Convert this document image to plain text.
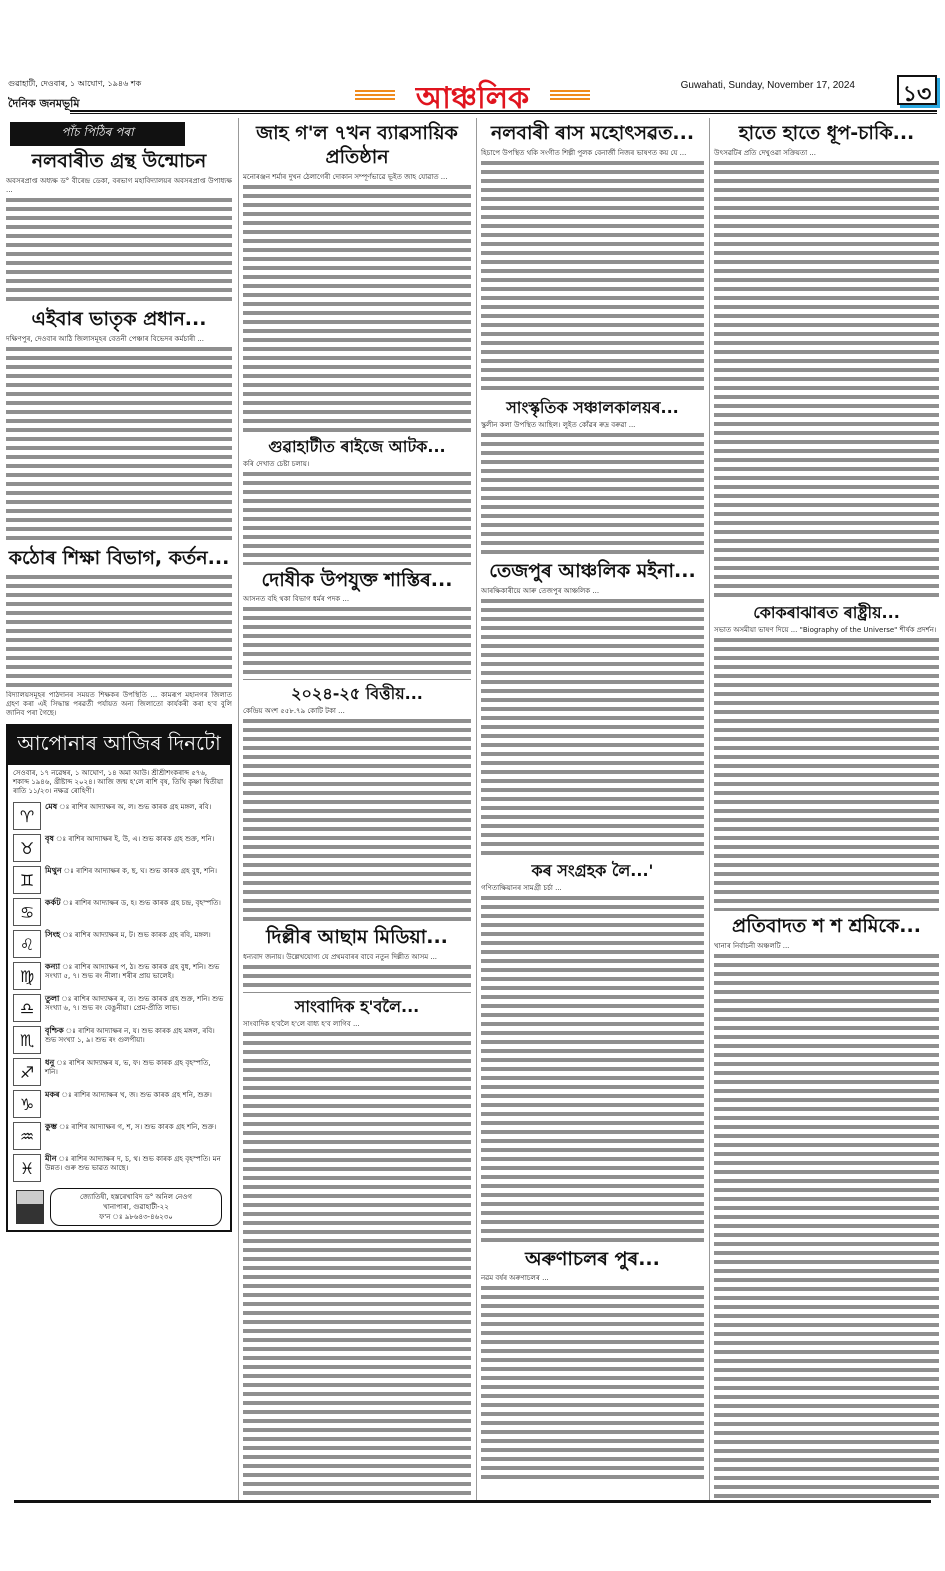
গুৱাহাটী, দেওবাৰ, ১ আঘোণ, ১৯৪৬ শক
দৈনিক জনমভূমি	আঞ্চলিক	Guwahati, Sunday, November 17, 2024 ১৩
পাঁচ পিঠিৰ পৰা
নলবাৰীত গ্ৰন্থ উন্মোচন
অবসৰপ্ৰাপ্ত অধ্যক্ষ ড° বীৰেন্দ্ৰ ডেকা, বৰভাগ মহাবিদ্যালয়ৰ অবসৰপ্ৰাপ্ত উপাধ্যক্ষ ...
এইবাৰ ভাতৃক প্ৰধান...
দক্ষিণপুৰ, দেওবাৰ আঠি জিলাসমূহৰ বেতনী পেঞ্চাৰ বিভেদৰ কৰ্মচাৰী ...
কঠোৰ শিক্ষা বিভাগ, কৰ্তন...
বিদ্যালয়সমূহৰ পাঠদানৰ সময়ত শিক্ষকৰ উপস্থিতি ... কামৰূপ মহানগৰ জিলাত গ্ৰহণ কৰা এই সিদ্ধান্ত পৰৱৰ্তী পৰ্যায়ত অন্য জিলাতো কাৰ্যকৰী কৰা হ'ব বুলি জানিব পৰা গৈছে।
আপোনাৰ আজিৰ দিনটো
সেওবাৰ, ১৭ নৱেম্বৰ, ১ আঘোণ, ১৪ অমা আউ। শ্ৰীশ্ৰীশংকৰাব্দ ৫৭৬, শকাব্দ ১৯৪৬, খ্ৰীষ্টাব্দ ২০২৪। আজি জন্ম হ'লে ৰাশি বৃষ, তিথি কৃষ্ণা দ্বিতীয়া ৰাতি ১১/২৩। নক্ষত্ৰ ৰোহিণী।
♈	মেষ ঃ ৰাশিৰ আদ্যাক্ষৰ অ, ল। শুভ কাৰক গ্ৰহ মঙ্গল, ৰবি।
♉	বৃষ ঃ ৰাশিৰ আদ্যাক্ষৰ ই, উ, এ। শুভ কাৰক গ্ৰহ শুক্ৰ, শনি।
♊	মিথুন ঃ ৰাশিৰ আদ্যাক্ষৰ ক, ছ, ঘ। শুভ কাৰক গ্ৰহ বুধ, শনি।
♋	কৰ্কট ঃ ৰাশিৰ আদ্যাক্ষৰ ড, হ। শুভ কাৰক গ্ৰহ চন্দ্ৰ, বৃহস্পতি।
♌	সিংহ ঃ ৰাশিৰ আদ্যাক্ষৰ ম, ট। শুভ কাৰক গ্ৰহ ৰবি, মঙ্গল।
♍	কন্যা ঃ ৰাশিৰ আদ্যাক্ষৰ প, ঠ। শুভ কাৰক গ্ৰহ বুধ, শনি। শুভ সংখ্যা ৫, ৭। শুভ ৰং নীলা। শৰীৰ প্ৰায় ভালেই।
♎	তুলা ঃ ৰাশিৰ আদ্যাক্ষৰ ৰ, ত। শুভ কাৰক গ্ৰহ শুক্ৰ, শনি। শুভ সংখ্যা ৬, ৭। শুভ ৰং বেঙুনীয়া। প্ৰেম-প্ৰীতি লাভ।
♏	বৃশ্চিক ঃ ৰাশিৰ আদ্যাক্ষৰ ন, য। শুভ কাৰক গ্ৰহ মঙ্গল, ৰবি। শুভ সংখ্যা ১, ৯। শুভ ৰং গুলপীয়া।
♐	ধনু ঃ ৰাশিৰ আদ্যাক্ষৰ য, ভ, ফ। শুভ কাৰক গ্ৰহ বৃহস্পতি, শনি।
♑	মকৰ ঃ ৰাশিৰ আদ্যাক্ষৰ খ, জ। শুভ কাৰক গ্ৰহ শনি, শুক্ৰ।
♒	কুম্ভ ঃ ৰাশিৰ আদ্যাক্ষৰ গ, শ, স। শুভ কাৰক গ্ৰহ শনি, শুক্ৰ।
♓	মীন ঃ ৰাশিৰ আদ্যাক্ষৰ দ, চ, থ। শুভ কাৰক গ্ৰহ বৃহস্পতি। মন উন্নত। গুৰু শুভ ভাৱত আছে।
জ্যোতিষী, হস্তৰেখাবিদ ড° অনিল নেওগ
খানাপাৰা, গুৱাহাটী-২২
ফ'ন ঃ ৯৮৬৪৩-৪৬২৩০
জাহ গ'ল ৭খন ব্যাৱসায়িক প্ৰতিষ্ঠান
মনোৰঞ্জন শৰ্মাৰ দুখন ঠেলাগেৰী দোকান সম্পূৰ্ণভাৱে ভূইত জাহ যোৱাত ...
গুৱাহাটীত ৰাইজে আটক...
কৰি দেখাত চেষ্টা চলায়।
দোষীক উপযুক্ত শাস্তিৰ...
আসনত বহি থকা বিভাগ ধৰ্মৰ পদক ...
২০২৪-২৫ বিত্তীয়...
কেন্দ্ৰিয় অংশ ৫৫৮.৭৯ কোটি টকা ...
দিল্লীৰ আছাম মিডিয়া...
ধন্যবাদ জনায়। উল্লেখযোগ্য যে প্ৰথমবাৰৰ বাবে নতুন দিল্লীত আসম ...
সাংবাদিক হ'বলৈ...
সাংবাদিক হ'বলৈ হ'লে বাধ্য হ'ব লাগিব ...
নলবাৰী ৰাস মহোৎসৱত...
হিচাপে উপস্থিত থকি সংগীত শিল্পী পুলক বেনাৰ্জী নিজৰ ভাষণত কয় যে ...
সাংস্কৃতিক সঞ্চালকালয়ৰ...
স্কুলীন কলা উপস্থিত আছিল। লুইত কোঁৱৰ ৰুদ্ৰ বৰুৱা ...
তেজপুৰ আঞ্চলিক মইনা...
আৰক্ষিকাৰীয়ে আৰু তেজপুৰ আঞ্চলিক ...
কৰ সংগ্ৰহক লৈ...'
গণিতাক্ষিয়ানৰ সামগ্ৰী চৰ্চা ...
অৰুণাচলৰ পুৰ...
নৱম বৰ্ষৰ অৰুণাচলৰ ...
হাতে হাতে ধূপ-চাকি...
উৎসৱটিৰ প্ৰতি দেখুওৱা সক্ৰিয়তা ...
কোকৰাঝাৰত ৰাষ্ট্ৰীয়...
সভাত অসমীয়া ভাষণ দিয়ে ... "Biography of the Universe" শীৰ্ষক প্ৰদৰ্শন।
প্ৰতিবাদত শ শ শ্ৰমিকে...
খানাৰ নিৰ্বাচনী অঞ্চলটি ...
